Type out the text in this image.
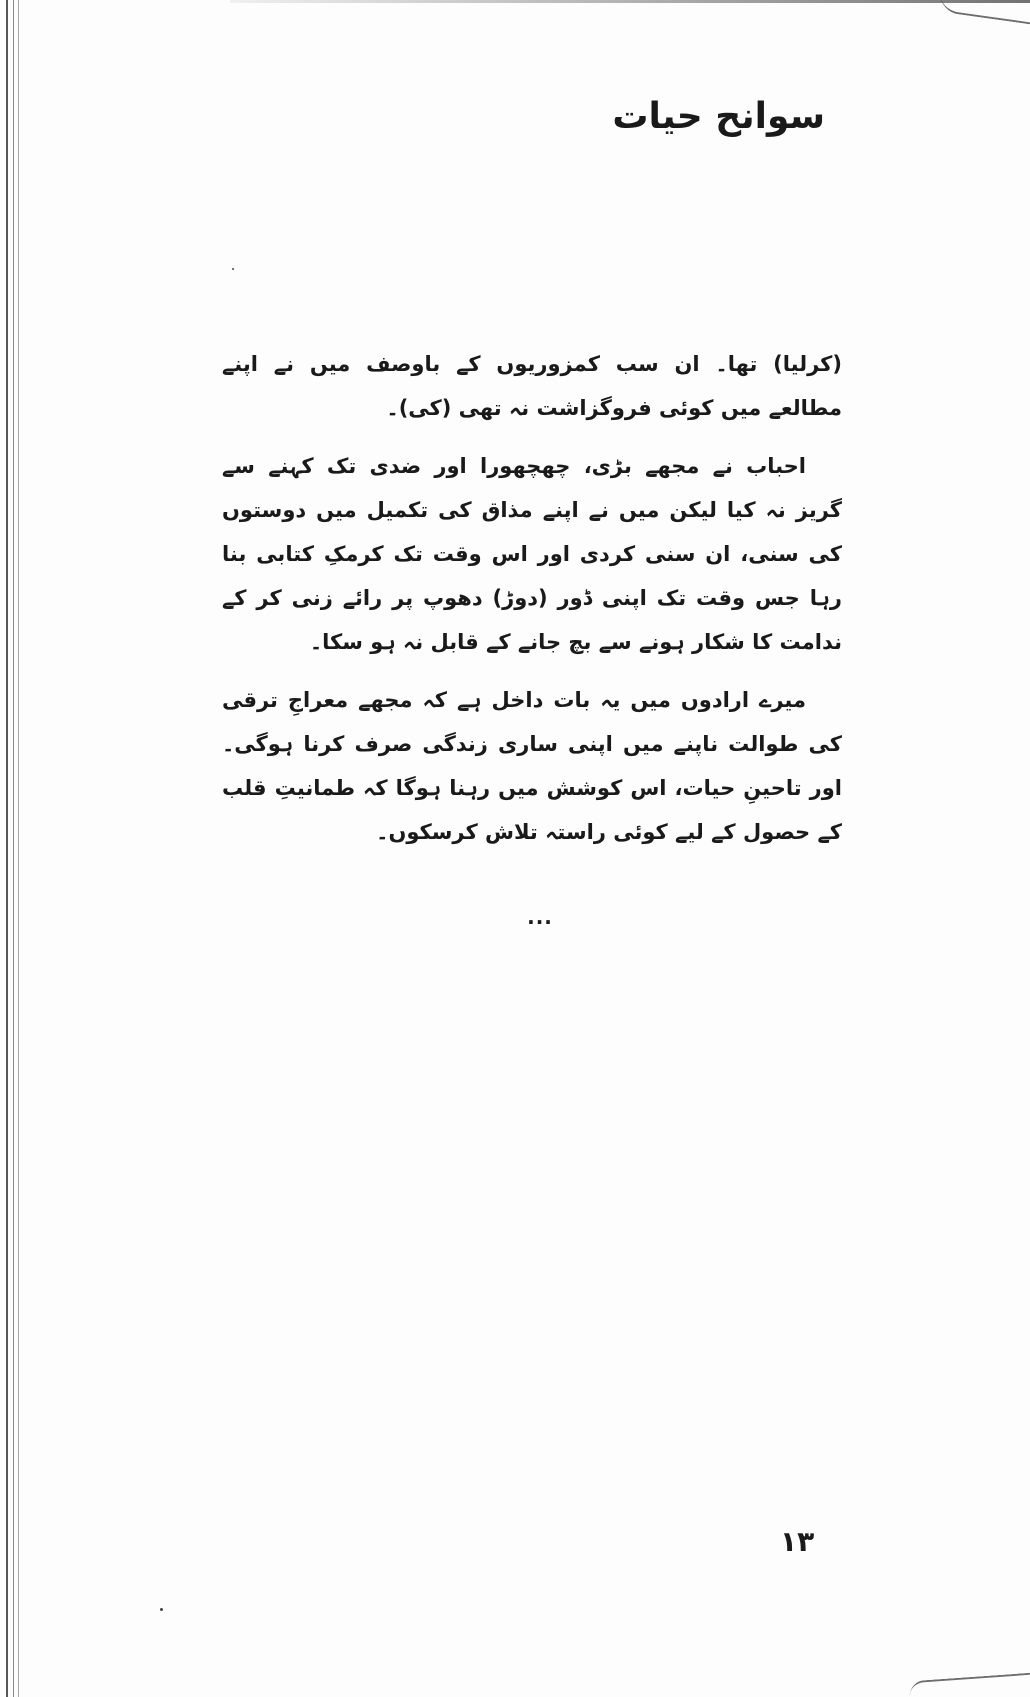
سوانح حیات

(کرلیا) تھا۔ ان سب کمزوریوں کے باوصف میں نے اپنے مطالعے میں کوئی فروگزاشت نہ تھی (کی)۔

احباب نے مجھے بڑی، چھچھورا اور ضدی تک کہنے سے گریز نہ کیا لیکن میں نے اپنے مذاق کی تکمیل میں دوستوں کی سنی، ان سنی کردی اور اس وقت تک کرمکِ کتابی بنا رہا جس وقت تک اپنی ڈور (دوڑ) دھوپ پر رائے زنی کر کے ندامت کا شکار ہونے سے بچ جانے کے قابل نہ ہو سکا۔

میرے ارادوں میں یہ بات داخل ہے کہ مجھے معراجِ ترقی کی طوالت ناپنے میں اپنی ساری زندگی صرف کرنا ہوگی۔ اور تاحینِ حیات، اس کوشش میں رہنا ہوگا کہ طمانیتِ قلب کے حصول کے لیے کوئی راستہ تلاش کرسکوں۔

...
۱۳
